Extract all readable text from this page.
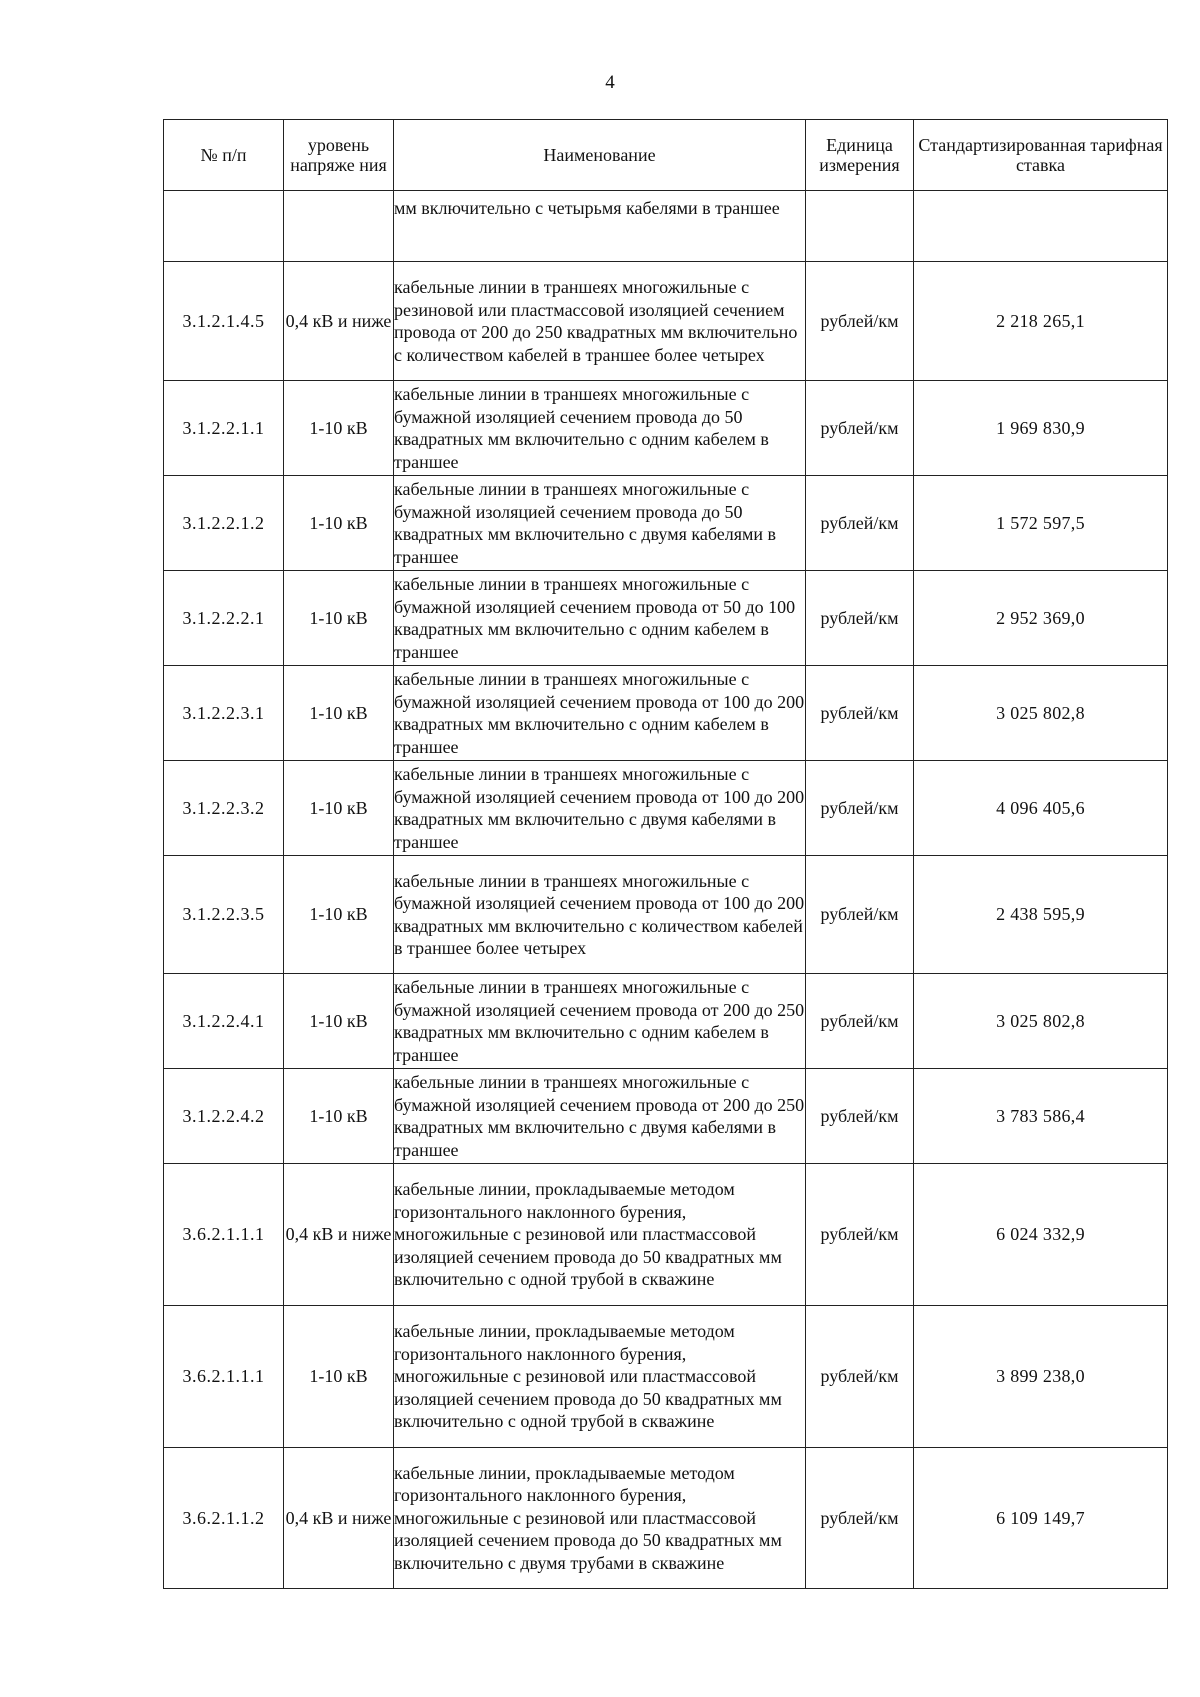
4
№ п/п	уровень напряже ния	Наименование	Единица измерения	Стандартизированная тарифная ставка
		мм включительно с четырьмя кабелями в траншее		
3.1.2.1.4.5	0,4 кВ и ниже	кабельные линии в траншеях многожильные с резиновой или пластмассовой изоляцией сечением провода от 200 до 250 квадратных мм включительно с количеством кабелей в траншее более четырех	рублей/км	2 218 265,1
3.1.2.2.1.1	1-10 кВ	кабельные линии в траншеях многожильные с бумажной изоляцией сечением провода до 50 квадратных мм включительно с одним кабелем в траншее	рублей/км	1 969 830,9
3.1.2.2.1.2	1-10 кВ	кабельные линии в траншеях многожильные с бумажной изоляцией сечением провода до 50 квадратных мм включительно с двумя кабелями в траншее	рублей/км	1 572 597,5
3.1.2.2.2.1	1-10 кВ	кабельные линии в траншеях многожильные с бумажной изоляцией сечением провода от 50 до 100 квадратных мм включительно с одним кабелем в траншее	рублей/км	2 952 369,0
3.1.2.2.3.1	1-10 кВ	кабельные линии в траншеях многожильные с бумажной изоляцией сечением провода от 100 до 200 квадратных мм включительно с одним кабелем в траншее	рублей/км	3 025 802,8
3.1.2.2.3.2	1-10 кВ	кабельные линии в траншеях многожильные с бумажной изоляцией сечением провода от 100 до 200 квадратных мм включительно с двумя кабелями в траншее	рублей/км	4 096 405,6
3.1.2.2.3.5	1-10 кВ	кабельные линии в траншеях многожильные с бумажной изоляцией сечением провода от 100 до 200 квадратных мм включительно с количеством кабелей в траншее более четырех	рублей/км	2 438 595,9
3.1.2.2.4.1	1-10 кВ	кабельные линии в траншеях многожильные с бумажной изоляцией сечением провода от 200 до 250 квадратных мм включительно с одним кабелем в траншее	рублей/км	3 025 802,8
3.1.2.2.4.2	1-10 кВ	кабельные линии в траншеях многожильные с бумажной изоляцией сечением провода от 200 до 250 квадратных мм включительно с двумя кабелями в траншее	рублей/км	3 783 586,4
3.6.2.1.1.1	0,4 кВ и ниже	кабельные линии, прокладываемые методом горизонтального наклонного бурения, многожильные с резиновой или пластмассовой изоляцией сечением провода до 50 квадратных мм включительно с одной трубой в скважине	рублей/км	6 024 332,9
3.6.2.1.1.1	1-10 кВ	кабельные линии, прокладываемые методом горизонтального наклонного бурения, многожильные с резиновой или пластмассовой изоляцией сечением провода до 50 квадратных мм включительно с одной трубой в скважине	рублей/км	3 899 238,0
3.6.2.1.1.2	0,4 кВ и ниже	кабельные линии, прокладываемые методом горизонтального наклонного бурения, многожильные с резиновой или пластмассовой изоляцией сечением провода до 50 квадратных мм включительно с двумя трубами в скважине	рублей/км	6 109 149,7
